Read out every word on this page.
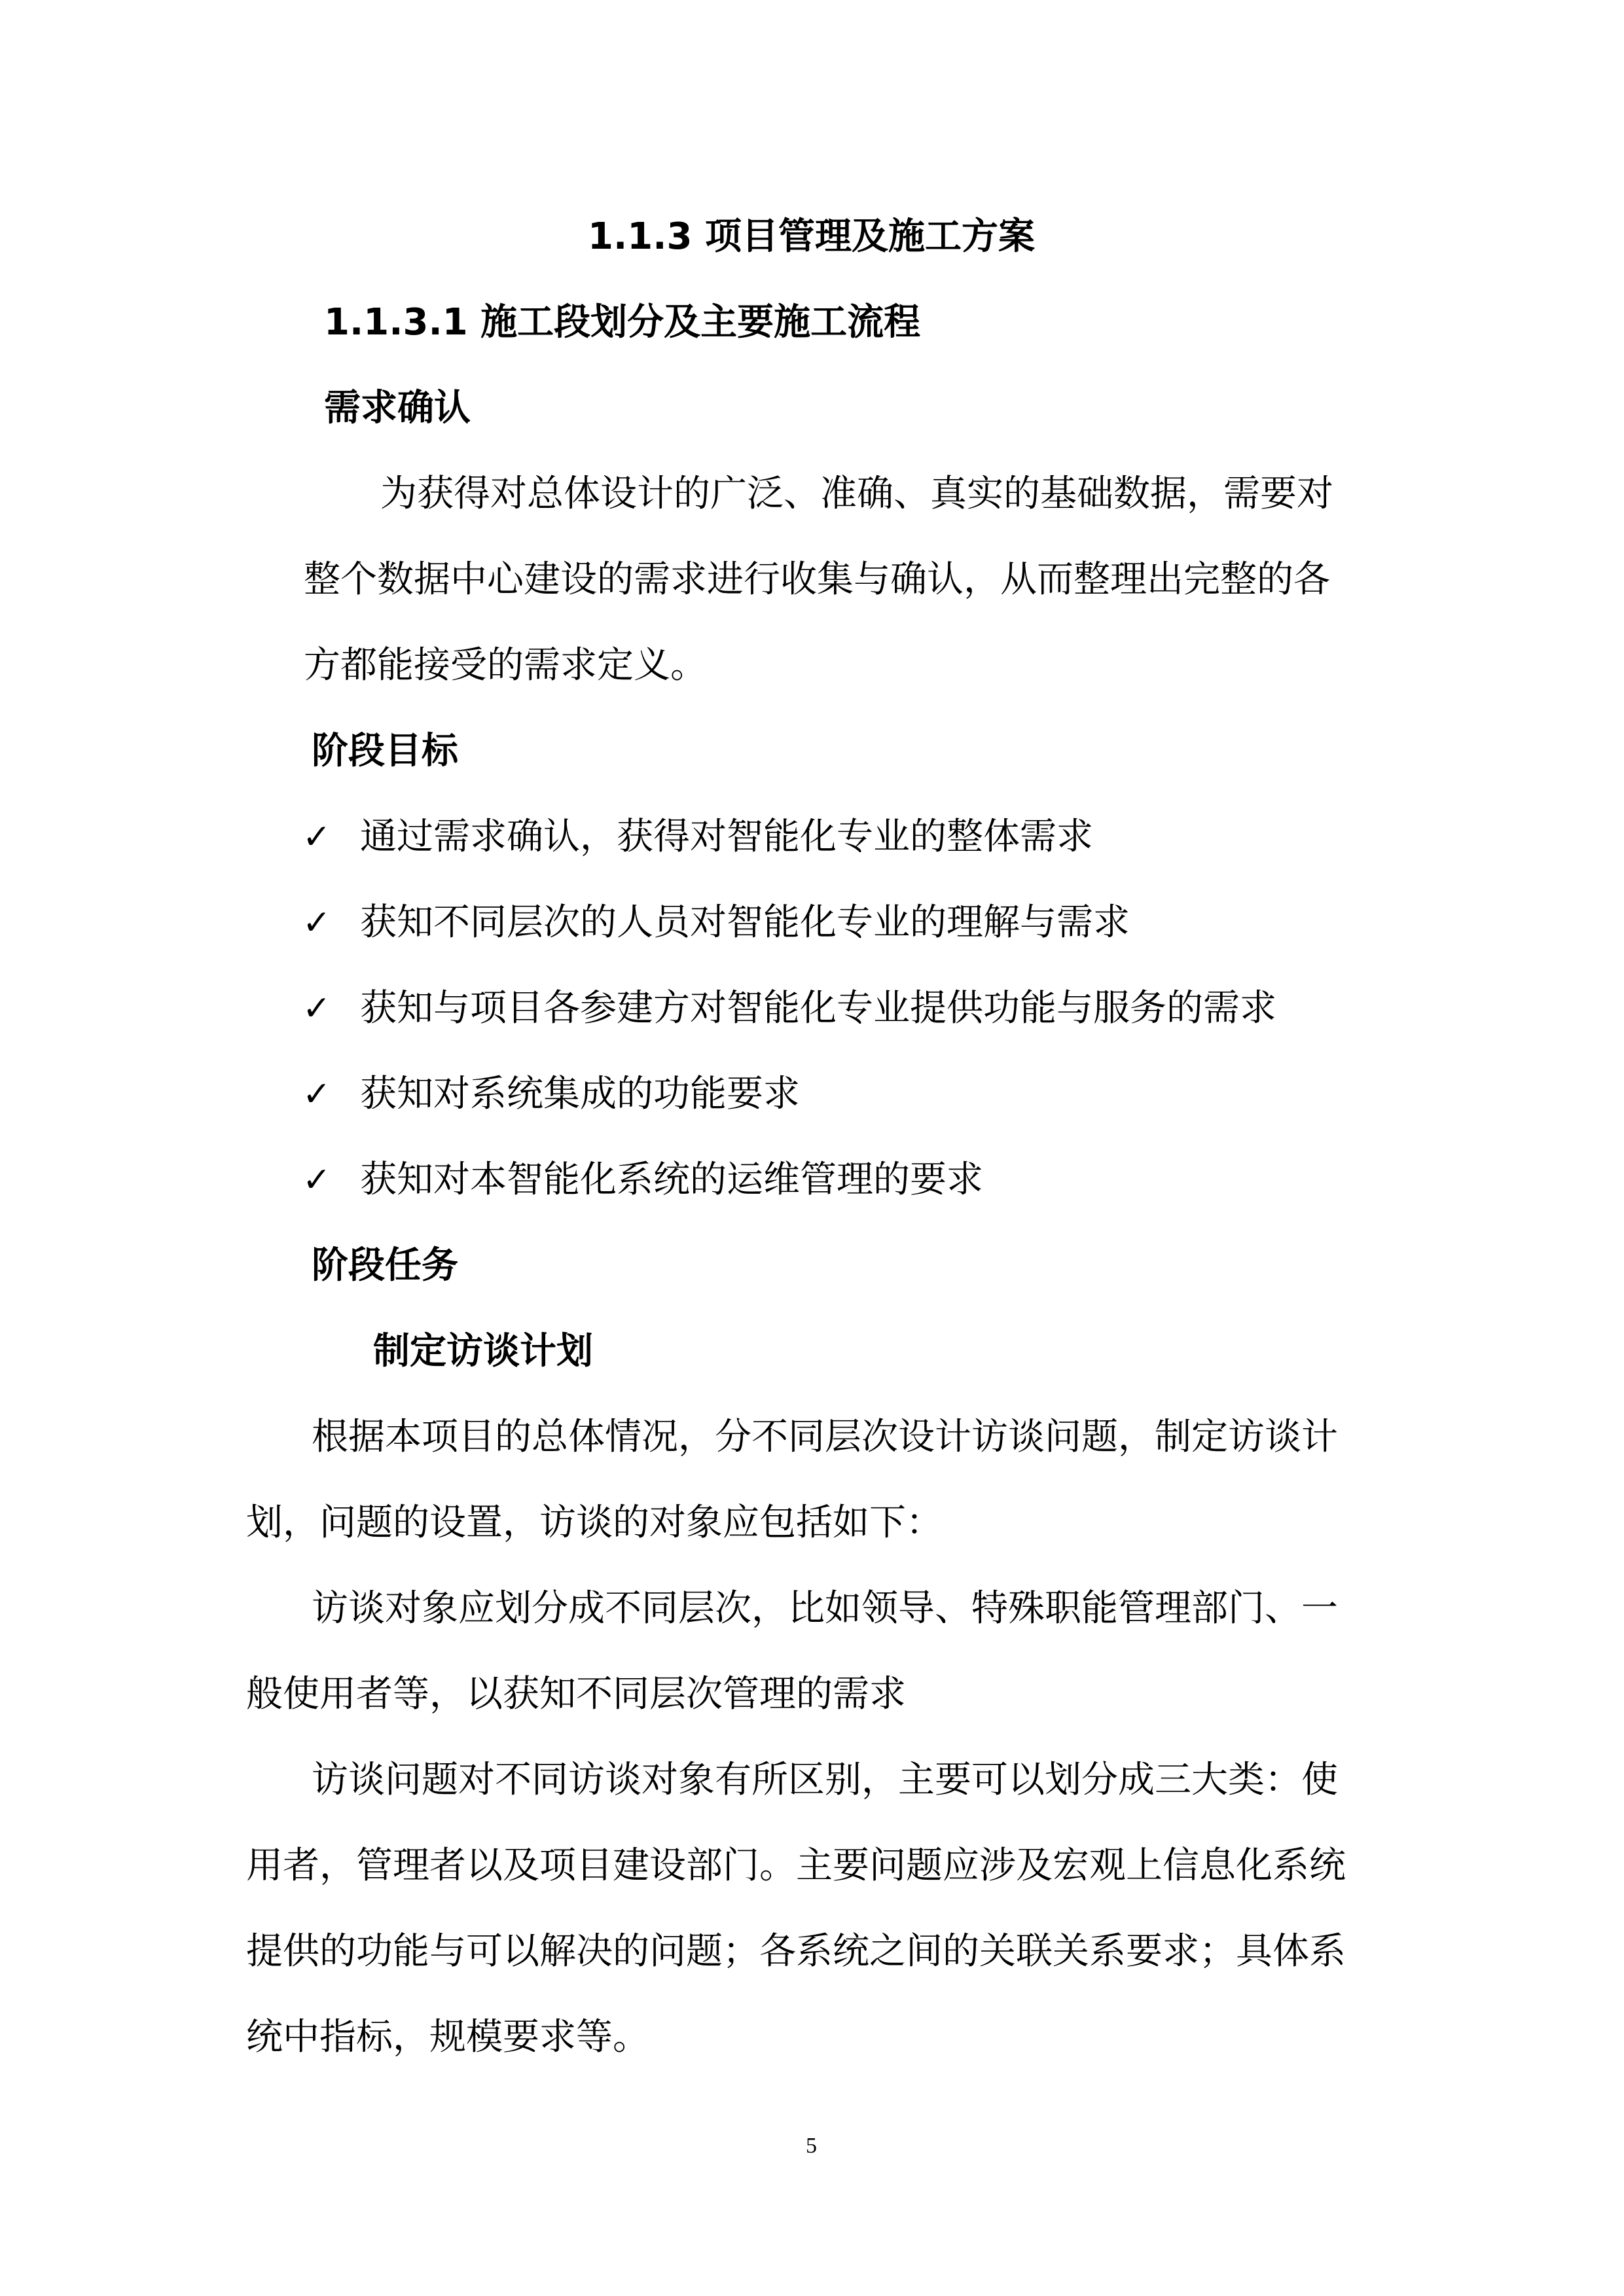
1.1.3 项目管理及施工方案
1.1.3.1 施工段划分及主要施工流程
需求确认
为获得对总体设计的广泛、准确、真实的基础数据，需要对
整个数据中心建设的需求进行收集与确认，从而整理出完整的各
方都能接受的需求定义。
阶段目标
✓ 通过需求确认，获得对智能化专业的整体需求
✓ 获知不同层次的人员对智能化专业的理解与需求
✓ 获知与项目各参建方对智能化专业提供功能与服务的需求
✓ 获知对系统集成的功能要求
✓ 获知对本智能化系统的运维管理的要求
阶段任务
制定访谈计划
根据本项目的总体情况，分不同层次设计访谈问题，制定访谈计
划，问题的设置，访谈的对象应包括如下：
访谈对象应划分成不同层次，比如领导、特殊职能管理部门、一
般使用者等，以获知不同层次管理的需求
访谈问题对不同访谈对象有所区别，主要可以划分成三大类：使
用者，管理者以及项目建设部门。主要问题应涉及宏观上信息化系统
提供的功能与可以解决的问题；各系统之间的关联关系要求；具体系
统中指标，规模要求等。
5
